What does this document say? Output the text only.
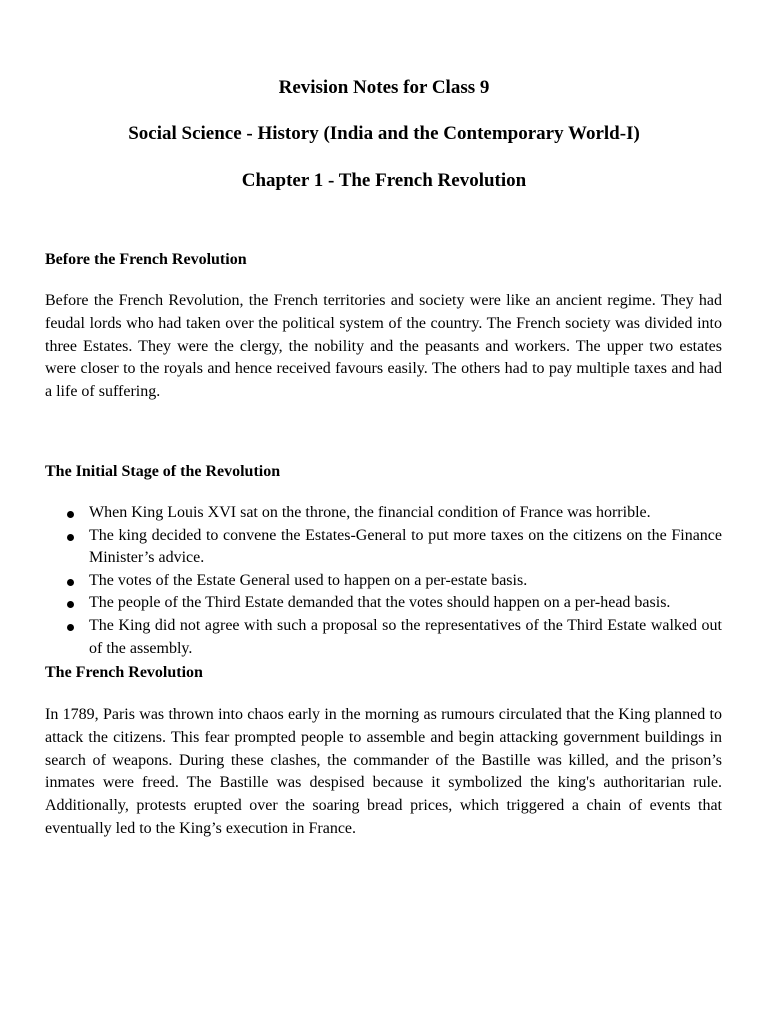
Revision Notes for Class 9
Social Science - History (India and the Contemporary World-I)
Chapter 1 - The French Revolution
Before the French Revolution

Before the French Revolution, the French territories and society were like an ancient regime. They had feudal lords who had taken over the political system of the country. The French society was divided into three Estates. They were the clergy, the nobility and the peasants and workers. The upper two estates were closer to the royals and hence received favours easily. The others had to pay multiple taxes and had a life of suffering.

The Initial Stage of the Revolution
When King Louis XVI sat on the throne, the financial condition of France was horrible.
The king decided to convene the Estates-General to put more taxes on the citizens on the Finance Minister’s advice.
The votes of the Estate General used to happen on a per-estate basis.
The people of the Third Estate demanded that the votes should happen on a per-head basis.
The King did not agree with such a proposal so the representatives of the Third Estate walked out of the assembly.
The French Revolution

In 1789, Paris was thrown into chaos early in the morning as rumours circulated that the King planned to attack the citizens. This fear prompted people to assemble and begin attacking government buildings in search of weapons. During these clashes, the commander of the Bastille was killed, and the prison’s inmates were freed. The Bastille was despised because it symbolized the king's authoritarian rule. Additionally, protests erupted over the soaring bread prices, which triggered a chain of events that eventually led to the King’s execution in France.
